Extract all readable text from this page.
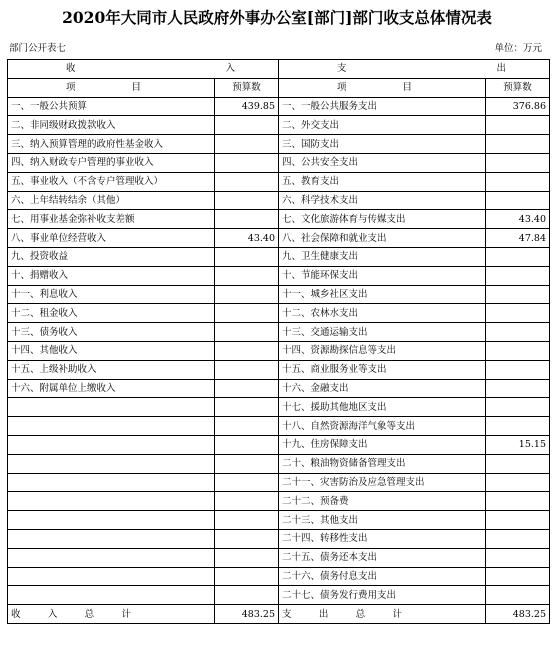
2020年大同市人民政府外事办公室[部门]部门收支总体情况表
部门公开表七	单位：万元
收 入		支 出	

项 目	预算数	项 目	预算数
一、一般公共预算	439.85	一、一般公共服务支出	376.86
二、非同级财政拨款收入		二、外交支出	
三、纳入预算管理的政府性基金收入		三、国防支出	
四、纳入财政专户管理的事业收入		四、公共安全支出	
五、事业收入（不含专户管理收入）		五、教育支出	
六、上年结转结余（其他）		六、科学技术支出	
七、用事业基金弥补收支差额		七、文化旅游体育与传媒支出	43.40
八、事业单位经营收入	43.40	八、社会保障和就业支出	47.84
九、投资收益		九、卫生健康支出	
十、捐赠收入		十、节能环保支出	
十一、利息收入		十一、城乡社区支出	
十二、租金收入		十二、农林水支出	
十三、债务收入		十三、交通运输支出	
十四、其他收入		十四、资源勘探信息等支出	
十五、上级补助收入		十五、商业服务业等支出	
十六、附属单位上缴收入		十六、金融支出	
		十七、援助其他地区支出	
		十八、自然资源海洋气象等支出	
		十九、住房保障支出	15.15
		二十、粮油物资储备管理支出	
		二十一、灾害防治及应急管理支出	
		二十二、预备费	
		二十三、其他支出	
		二十四、转移性支出	
		二十五、债务还本支出	
		二十六、债务付息支出	
		二十七、债务发行费用支出	

收 入 总 计	483.25	支 出 总 计	483.25
